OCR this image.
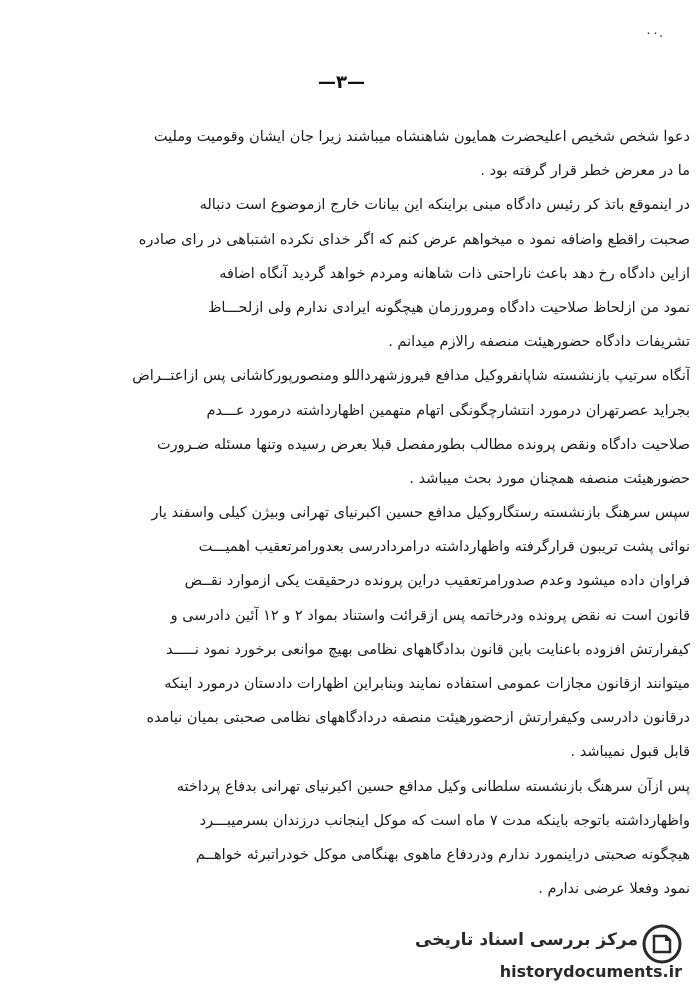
٠٠.
—٣—
دعوا شخص شخیص اعلیحضرت همایون شاهنشاه میباشند زیرا جان ایشان وقومیت وملیت
ما در معرض خطر قرار گرفته بود .
در اینموقع باتذ کر رئیس دادگاه مبنی براینکه این بیانات خارج ازموضوع است دنباله
صحبت راقطع واضافه نمود ه میخواهم عرض کنم که اگر خدای نکرده اشتباهی در رای صادره
ازاین دادگاه رخ دهد باعث ناراحتی ذات شاهانه ومردم خواهد گردید آنگاه اضافه
نمود من ازلحاظ صلاحیت دادگاه ومرورزمان هیچگونه ایرادی ندارم ولی ازلحـــاظ
تشریفات دادگاه حضورهیئت منصفه رالازم میدانم .
آنگاه سرتیپ بازنشسته شاپانفروکیل مدافع فیروزشهرداللو ومنصورپورکاشانی پس ازاعتــراض
بجراید عصرتهران درمورد انتشارچگونگی اتهام متهمین اظهارداشته درمورد عـــدم
صلاحیت دادگاه ونقص پرونده مطالب بطورمفصل قبلا بعرض رسیده وتنها مسئله ضـرورت
حضورهیئت منصفه همچنان مورد بحث میباشد .
سپس سرهنگ بازنشسته رستگاروکیل مدافع حسین اکبرنیای تهرانی وبیژن کیلی واسفند یار
نوائی پشت تریبون قرارگرفته واظهارداشته درامردادرسی بعدورامرتعقیب اهمیـــت
فراوان داده میشود وعدم صدورامرتعقیب دراین پرونده درحقیقت یکی ازموارد نقــض
قانون است نه نقض پرونده ودرخاتمه پس ازقرائت واستناد بمواد ۲ و ۱۲ آئین دادرسی و
کیفرارتش افزوده باعنایت باین قانون بدادگاههای نظامی بهیچ موانعی برخورد نمود نـــــد
میتوانند ازقانون مجازات عمومی استفاده نمایند وبنابراین اظهارات دادستان درمورد اینکه
درقانون دادرسی وکیفرارتش ازحضورهیئت منصفه دردادگاههای نظامی صحبتی بمیان نیامده
قابل قبول نمیباشد .
پس ازآن سرهنگ بازنشسته سلطانی وکیل مدافع حسین اکبرنیای تهرانی بدفاع پرداخته
واظهارداشته باتوجه باینکه مدت ۷ ماه است که موکل اینجانب درزندان بسرمیبـــرد
هیچگونه صحبتی دراینمورد ندارم ودردفاع ماهوی بهنگامی موکل خودراتبرئه خواهــم
نمود وفعلا عرضی ندارم .
مرکز بررسی اسناد تاریخی
historydocuments.ir
